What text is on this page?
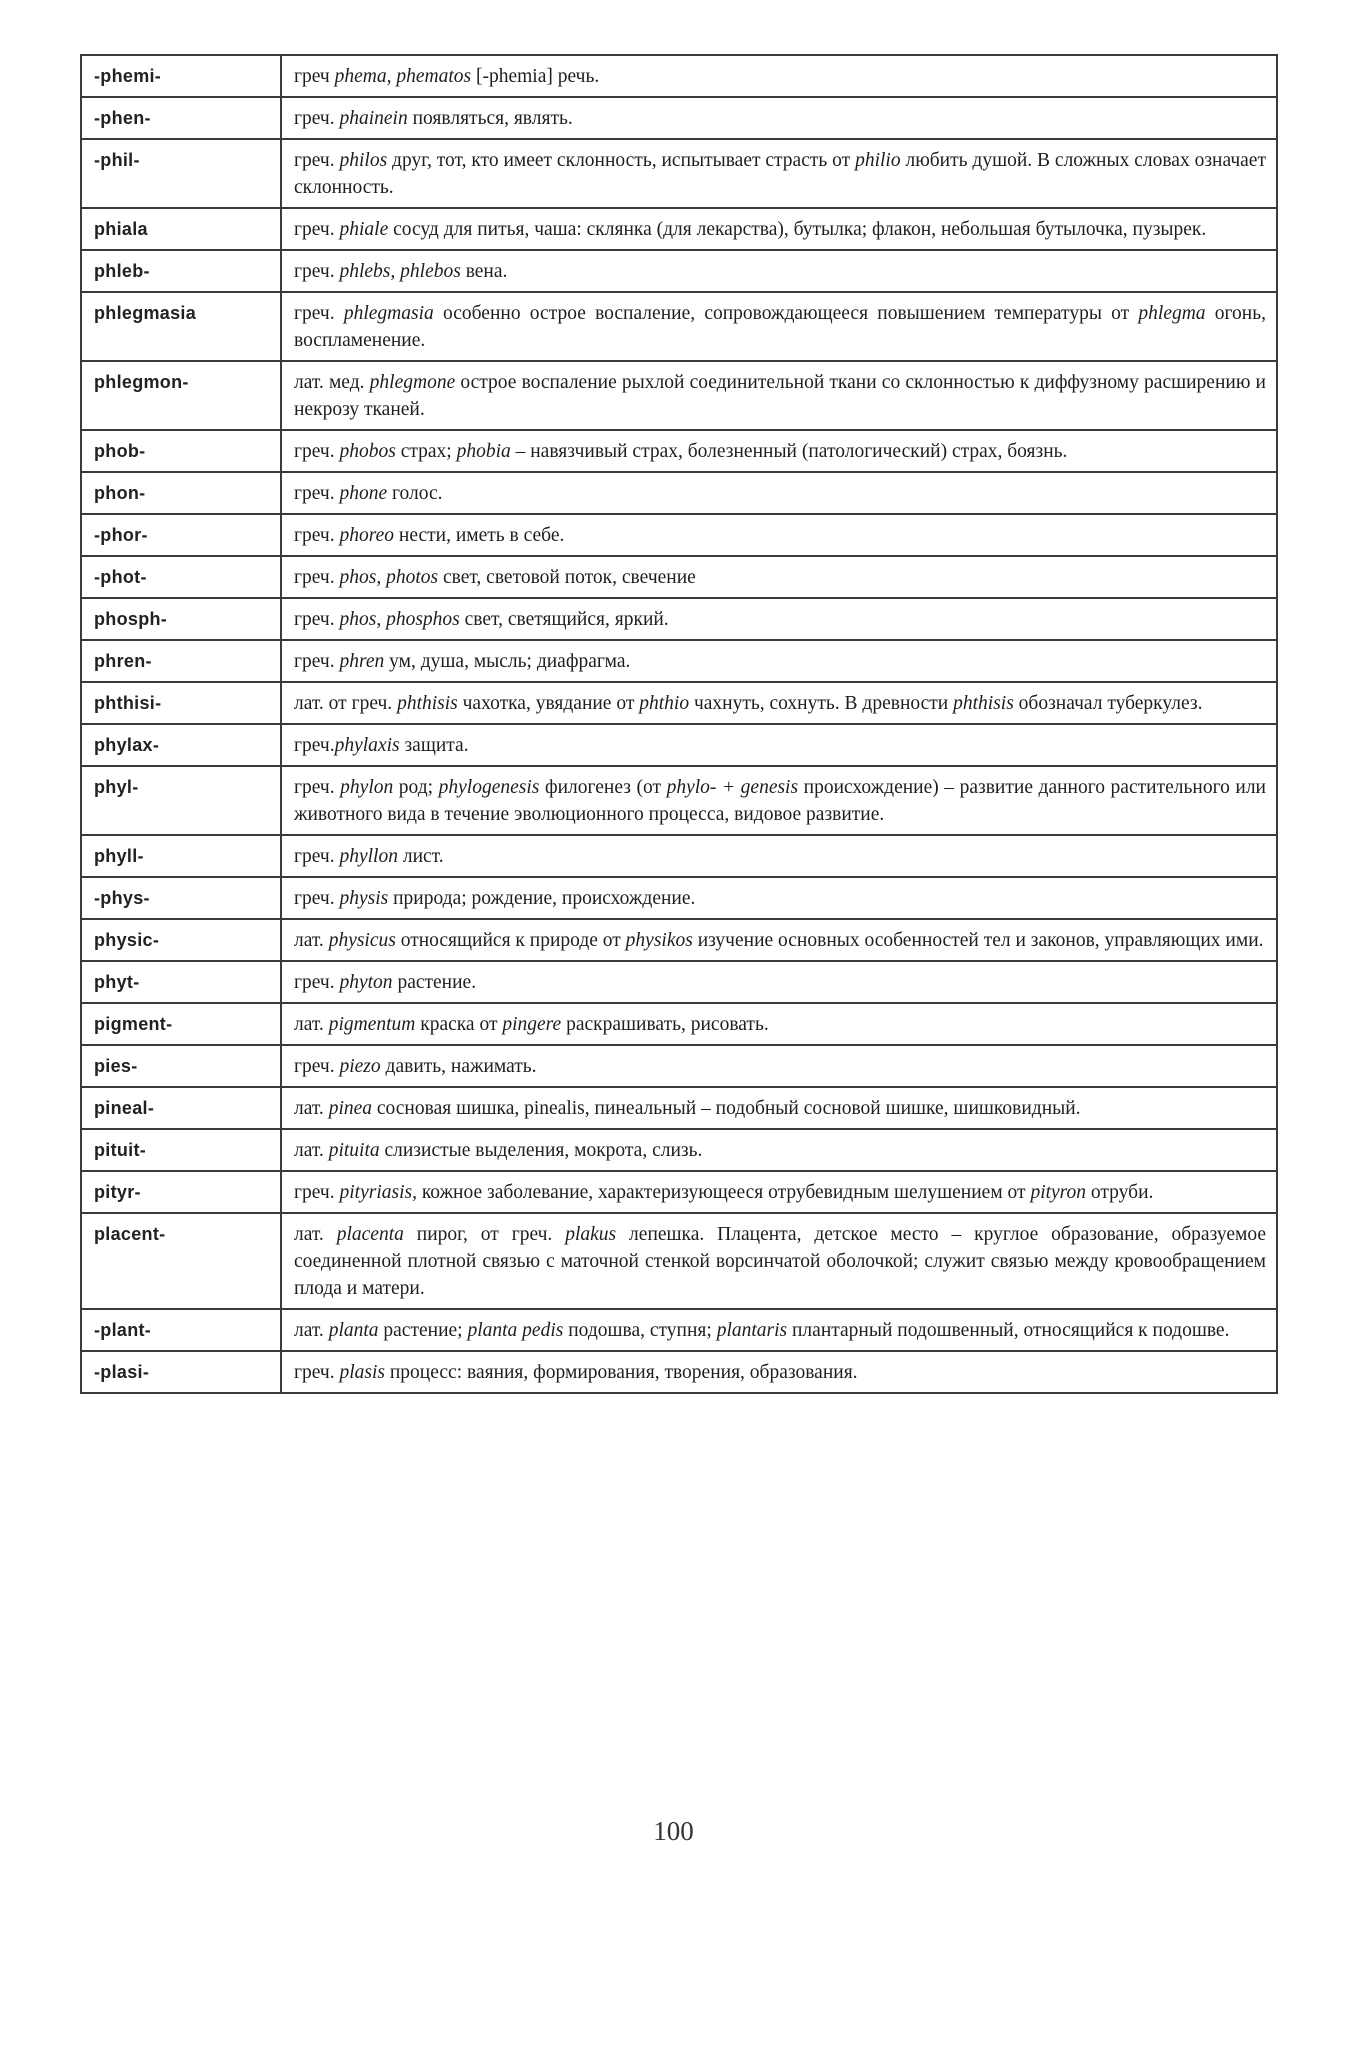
-phemi-	греч phema, phematos [-phemia] речь.
-phen-	греч. phainein появляться, являть.
-phil-	греч. philos друг, тот, кто имеет склонность, испытывает страсть от philio любить душой. В сложных словах означает склонность.
phiala	греч. phiale сосуд для питья, чаша: склянка (для лекарства), бутылка; флакон, небольшая бутылочка, пузырек.
phleb-	греч. phlebs, phlebos вена.
phlegmasia	греч. phlegmasia особенно острое воспаление, сопровождающееся повышением температуры от phlegma огонь, воспламенение.
phlegmon-	лат. мед. phlegmone острое воспаление рыхлой соединительной ткани со склонностью к диффузному расширению и некрозу тканей.
phob-	греч. phobos страх; phobia – навязчивый страх, болезненный (патологический) страх, боязнь.
phon-	греч. phone голос.
-phor-	греч. phoreo нести, иметь в себе.
-phot-	греч. phos, photos свет, световой поток, свечение
phosph-	греч. phos, phosphos свет, светящийся, яркий.
phren-	греч. phren ум, душа, мысль; диафрагма.
phthisi-	лат. от греч. phthisis чахотка, увядание от phthio чахнуть, сохнуть. В древности phthisis обозначал туберкулез.
phylax-	греч.phylaxis защита.
phyl-	греч. phylon род; phylogenesis филогенез (от phylo- + genesis происхождение) – развитие данного растительного или животного вида в течение эволюционного процесса, видовое развитие.
phyll-	греч. phyllon лист.
-phys-	греч. physis природа; рождение, происхождение.
physic-	лат. physicus относящийся к природе от physikos изучение основных особенностей тел и законов, управляющих ими.
phyt-	греч. phyton растение.
pigment-	лат. pigmentum краска от pingere раскрашивать, рисовать.
pies-	греч. piezo давить, нажимать.
pineal-	лат. pinea сосновая шишка, pinealis, пинеальный – подобный сосновой шишке, шишковидный.
pituit-	лат. pituita слизистые выделения, мокрота, слизь.
pityr-	греч. pityriasis, кожное заболевание, характеризующееся отрубевидным шелушением от pityron отруби.
placent-	лат. placenta пирог, от греч. plakus лепешка. Плацента, детское место – круглое образование, образуемое соединенной плотной связью с маточной стенкой ворсинчатой оболочкой; служит связью между кровообращением плода и матери.
-plant-	лат. planta растение; planta pedis подошва, ступня; plantaris плантарный подошвенный, относящийся к подошве.
-plasi-	греч. plasis процесс: ваяния, формирования, творения, образования.
100
